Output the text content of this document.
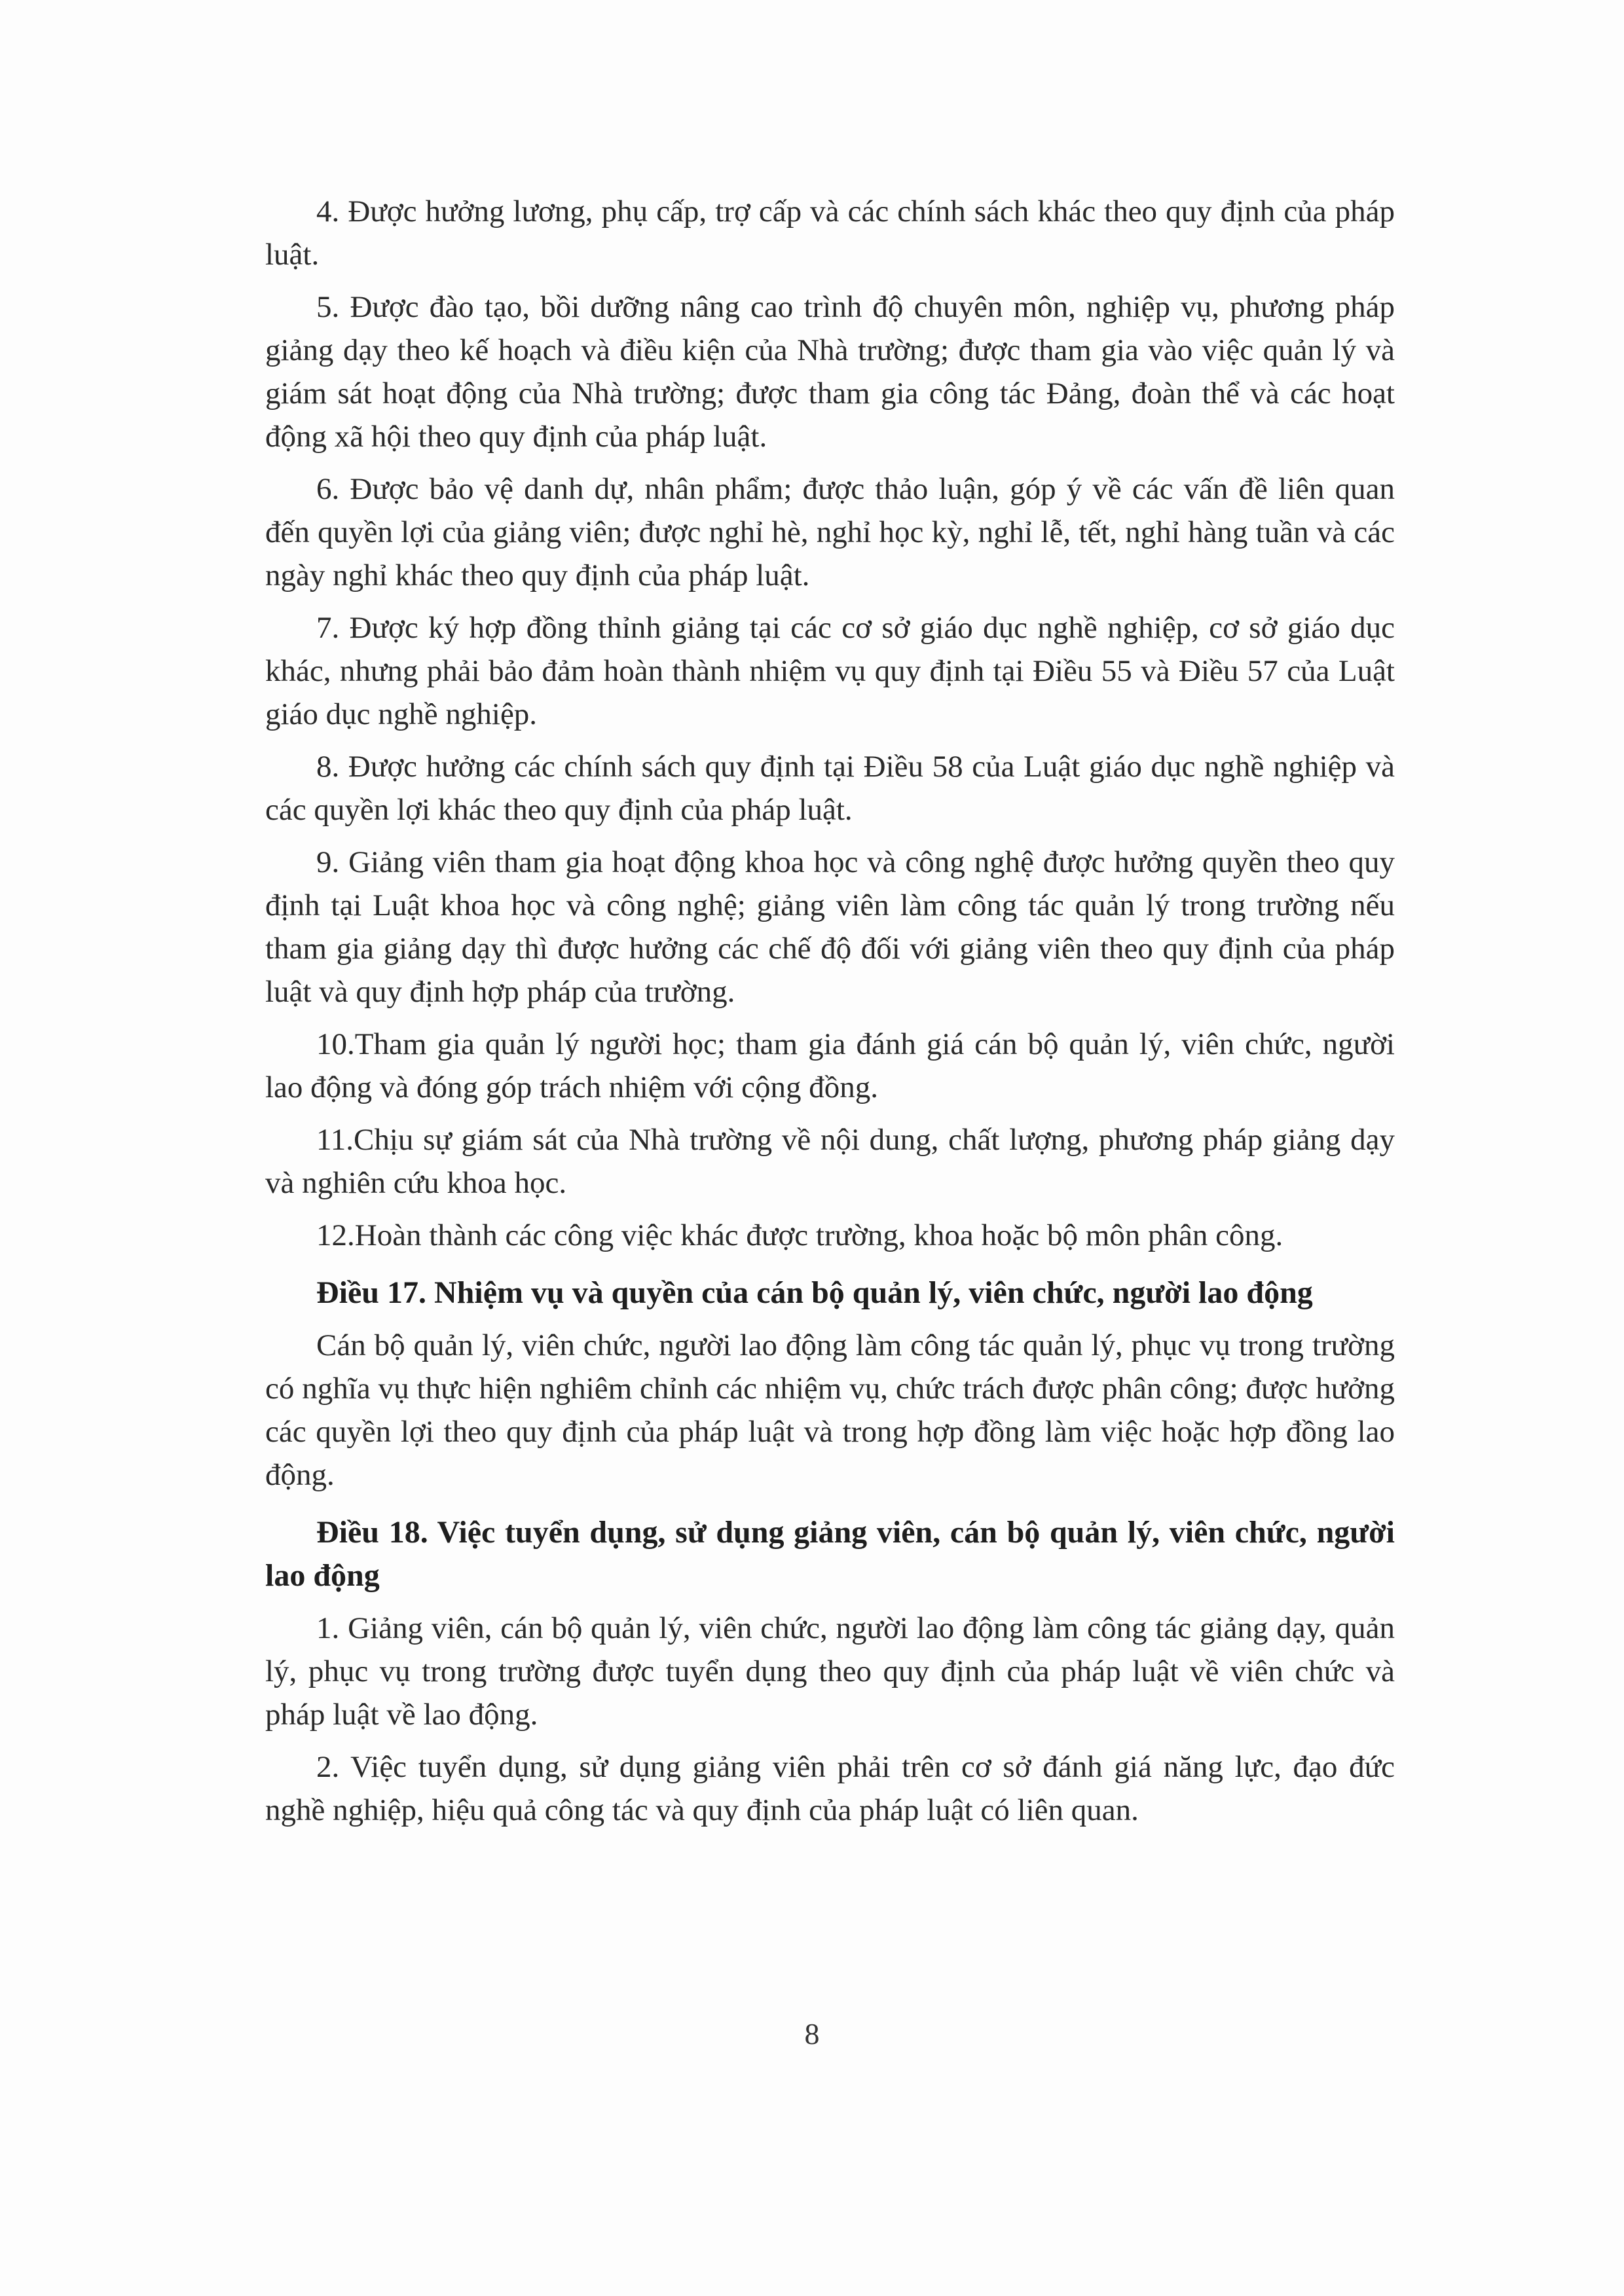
4. Được hưởng lương, phụ cấp, trợ cấp và các chính sách khác theo quy định của pháp luật.

5. Được đào tạo, bồi dưỡng nâng cao trình độ chuyên môn, nghiệp vụ, phương pháp giảng dạy theo kế hoạch và điều kiện của Nhà trường; được tham gia vào việc quản lý và giám sát hoạt động của Nhà trường; được tham gia công tác Đảng, đoàn thể và các hoạt động xã hội theo quy định của pháp luật.

6. Được bảo vệ danh dự, nhân phẩm; được thảo luận, góp ý về các vấn đề liên quan đến quyền lợi của giảng viên; được nghỉ hè, nghỉ học kỳ, nghỉ lễ, tết, nghỉ hàng tuần và các ngày nghỉ khác theo quy định của pháp luật.

7. Được ký hợp đồng thỉnh giảng tại các cơ sở giáo dục nghề nghiệp, cơ sở giáo dục khác, nhưng phải bảo đảm hoàn thành nhiệm vụ quy định tại Điều 55 và Điều 57 của Luật giáo dục nghề nghiệp.

8. Được hưởng các chính sách quy định tại Điều 58 của Luật giáo dục nghề nghiệp và các quyền lợi khác theo quy định của pháp luật.

9. Giảng viên tham gia hoạt động khoa học và công nghệ được hưởng quyền theo quy định tại Luật khoa học và công nghệ; giảng viên làm công tác quản lý trong trường nếu tham gia giảng dạy thì được hưởng các chế độ đối với giảng viên theo quy định của pháp luật và quy định hợp pháp của trường.

10.Tham gia quản lý người học; tham gia đánh giá cán bộ quản lý, viên chức, người lao động và đóng góp trách nhiệm với cộng đồng.

11.Chịu sự giám sát của Nhà trường về nội dung, chất lượng, phương pháp giảng dạy và nghiên cứu khoa học.

12.Hoàn thành các công việc khác được trường, khoa hoặc bộ môn phân công.

Điều 17. Nhiệm vụ và quyền của cán bộ quản lý, viên chức, người lao động

Cán bộ quản lý, viên chức, người lao động làm công tác quản lý, phục vụ trong trường có nghĩa vụ thực hiện nghiêm chỉnh các nhiệm vụ, chức trách được phân công; được hưởng các quyền lợi theo quy định của pháp luật và trong hợp đồng làm việc hoặc hợp đồng lao động.

Điều 18. Việc tuyển dụng, sử dụng giảng viên, cán bộ quản lý, viên chức, người lao động

1. Giảng viên, cán bộ quản lý, viên chức, người lao động làm công tác giảng dạy, quản lý, phục vụ trong trường được tuyển dụng theo quy định của pháp luật về viên chức và pháp luật về lao động.

2. Việc tuyển dụng, sử dụng giảng viên phải trên cơ sở đánh giá năng lực, đạo đức nghề nghiệp, hiệu quả công tác và quy định của pháp luật có liên quan.

8
